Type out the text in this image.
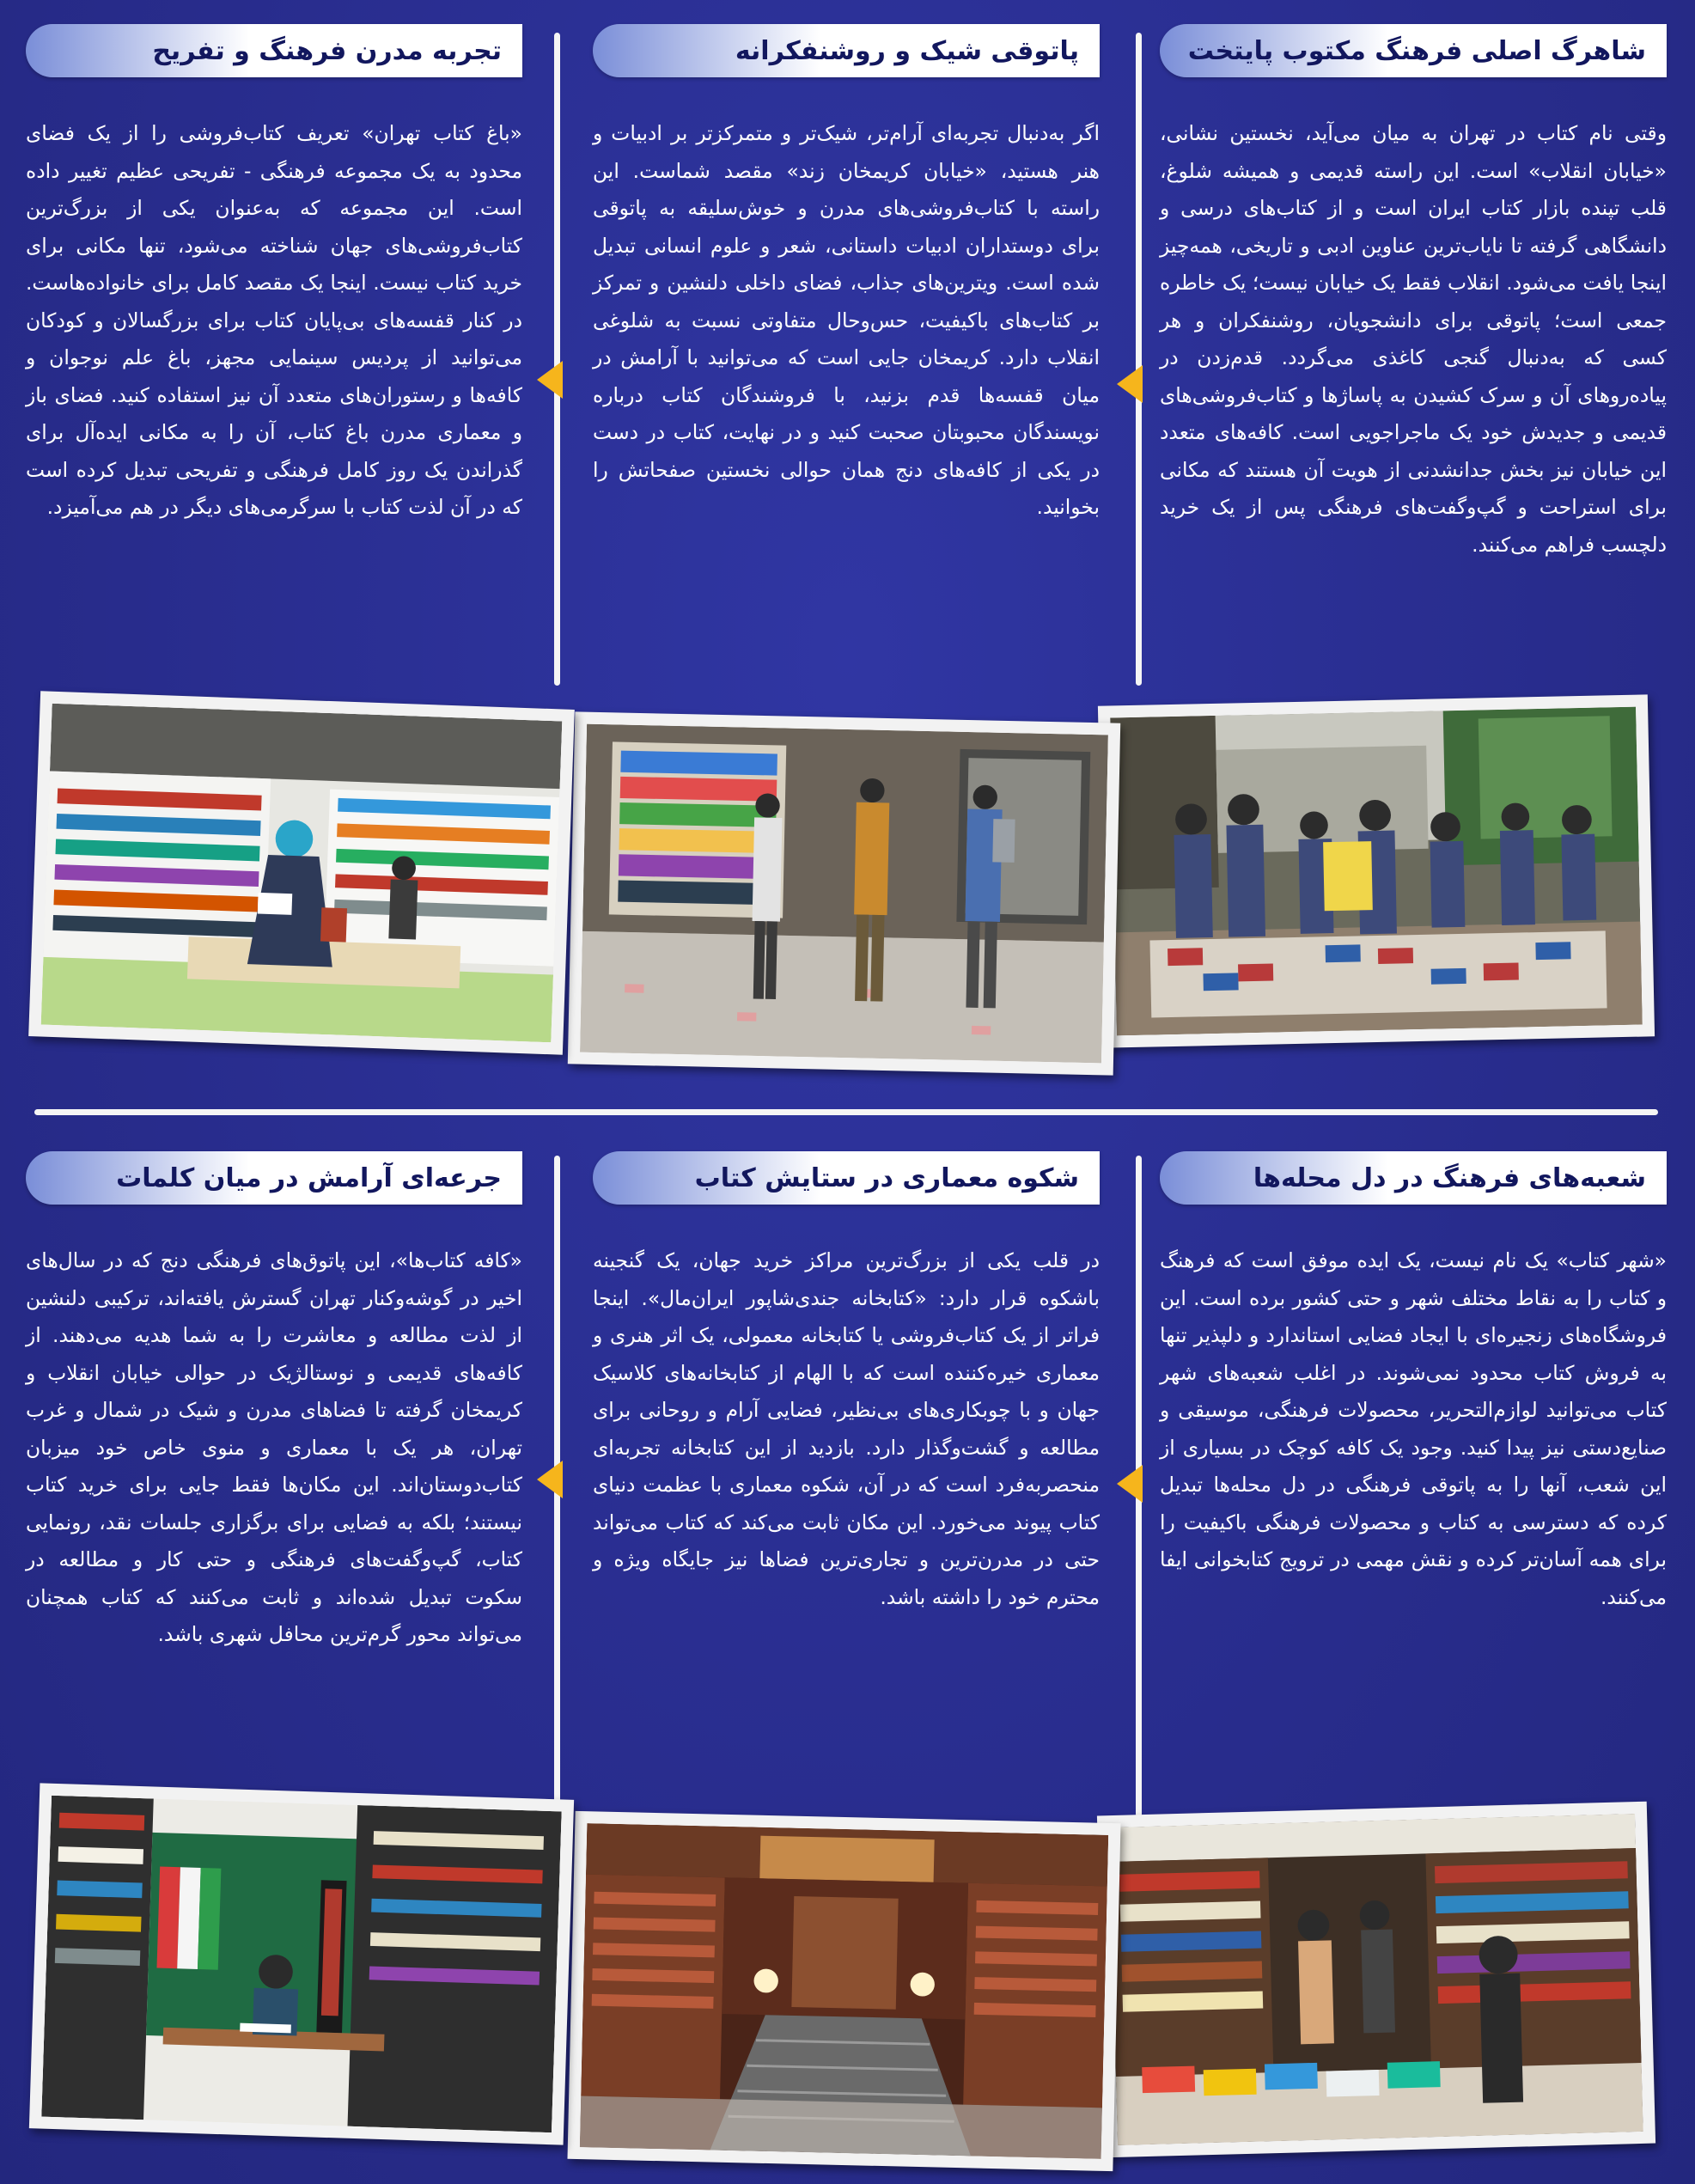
شاهرگ اصلی فرهنگ مکتوب پایتخت

وقتی نام کتاب در تهران به میان می‌آید، نخستین نشانی، «خیابان انقلاب» است. این راسته قدیمی و همیشه شلوغ، قلب تپنده بازار کتاب ایران است و از کتاب‌های درسی و دانشگاهی گرفته تا نایاب‌ترین عناوین ادبی و تاریخی، همه‌چیز اینجا یافت می‌شود. انقلاب فقط یک خیابان نیست؛ یک خاطره جمعی است؛ پاتوقی برای دانشجویان، روشنفکران و هر کسی که به‌دنبال گنجی کاغذی می‌گردد. قدم‌زدن در پیاده‌روهای آن و سرک کشیدن به پاساژها و کتاب‌فروشی‌های قدیمی و جدیدش خود یک ماجراجویی است. کافه‌های متعدد این خیابان نیز بخش جدانشدنی از هویت آن هستند که مکانی برای استراحت و گپ‌وگفت‌های فرهنگی پس از یک خرید دلچسب فراهم می‌کنند.

پاتوقی شیک و روشنفکرانه

اگر به‌دنبال تجربه‌ای آرام‌تر، شیک‌تر و متمرکزتر بر ادبیات و هنر هستید، «خیابان کریمخان زند» مقصد شماست. این راسته با کتاب‌فروشی‌های مدرن و خوش‌سلیقه به پاتوقی برای دوستداران ادبیات داستانی، شعر و علوم انسانی تبدیل شده است. ویترین‌های جذاب، فضای داخلی دلنشین و تمرکز بر کتاب‌های باکیفیت، حس‌وحال متفاوتی نسبت به شلوغی انقلاب دارد. کریمخان جایی است که می‌توانید با آرامش در میان قفسه‌ها قدم بزنید، با فروشندگان کتاب درباره نویسندگان محبوبتان صحبت کنید و در نهایت، کتاب در دست در یکی از کافه‌های دنج همان حوالی نخستین صفحاتش را بخوانید.

تجربه مدرن فرهنگ و تفریح

«باغ کتاب تهران» تعریف کتاب‌فروشی را از یک فضای محدود به یک مجموعه فرهنگی - تفریحی عظیم تغییر داده است. این مجموعه که به‌عنوان یکی از بزرگ‌ترین کتاب‌فروشی‌های جهان شناخته می‌شود، تنها مکانی برای خرید کتاب نیست. اینجا یک مقصد کامل برای خانواده‌هاست. در کنار قفسه‌های بی‌پایان کتاب برای بزرگسالان و کودکان می‌توانید از پردیس سینمایی مجهز، باغ علم نوجوان و کافه‌ها و رستوران‌های متعدد آن نیز استفاده کنید. فضای باز و معماری مدرن باغ کتاب، آن را به مکانی ایده‌آل برای گذراندن یک روز کامل فرهنگی و تفریحی تبدیل کرده است که در آن لذت کتاب با سرگرمی‌های دیگر در هم می‌آمیزد.

شعبه‌های فرهنگ در دل محله‌ها

«شهر کتاب» یک نام نیست، یک ایده موفق است که فرهنگ و کتاب را به نقاط مختلف شهر و حتی کشور برده است. این فروشگاه‌های زنجیره‌ای با ایجاد فضایی استاندارد و دلپذیر تنها به فروش کتاب محدود نمی‌شوند. در اغلب شعبه‌های شهر کتاب می‌توانید لوازم‌التحریر، محصولات فرهنگی، موسیقی و صنایع‌دستی نیز پیدا کنید. وجود یک کافه کوچک در بسیاری از این شعب، آنها را به پاتوقی فرهنگی در دل محله‌ها تبدیل کرده که دسترسی به کتاب و محصولات فرهنگی باکیفیت را برای همه آسان‌تر کرده و نقش مهمی در ترویج کتابخوانی ایفا می‌کنند.

شکوه معماری در ستایش کتاب

در قلب یکی از بزرگ‌ترین مراکز خرید جهان، یک گنجینه باشکوه قرار دارد: «کتابخانه جندی‌شاپور ایران‌مال». اینجا فراتر از یک کتاب‌فروشی یا کتابخانه معمولی، یک اثر هنری و معماری خیره‌کننده است که با الهام از کتابخانه‌های کلاسیک جهان و با چوبکاری‌های بی‌نظیر، فضایی آرام و روحانی برای مطالعه و گشت‌وگذار دارد. بازدید از این کتابخانه تجربه‌ای منحصربه‌فرد است که در آن، شکوه معماری با عظمت دنیای کتاب پیوند می‌خورد. این مکان ثابت می‌کند که کتاب می‌تواند حتی در مدرن‌ترین و تجاری‌ترین فضاها نیز جایگاه ویژه و محترم خود را داشته باشد.

جرعه‌ای آرامش در میان کلمات

«کافه کتاب‌ها»، این پاتوق‌های فرهنگی دنج که در سال‌های اخیر در گوشه‌وکنار تهران گسترش یافته‌اند، ترکیبی دلنشین از لذت مطالعه و معاشرت را به شما هدیه می‌دهند. از کافه‌های قدیمی و نوستالژیک در حوالی خیابان انقلاب و کریمخان گرفته تا فضاهای مدرن و شیک در شمال و غرب تهران، هر یک با معماری و منوی خاص خود میزبان کتاب‌دوستان‌اند. این مکان‌ها فقط جایی برای خرید کتاب نیستند؛ بلکه به فضایی برای برگزاری جلسات نقد، رونمایی کتاب، گپ‌وگفت‌های فرهنگی و حتی کار و مطالعه در سکوت تبدیل شده‌اند و ثابت می‌کنند که کتاب همچنان می‌تواند محور گرم‌ترین محافل شهری باشد.
